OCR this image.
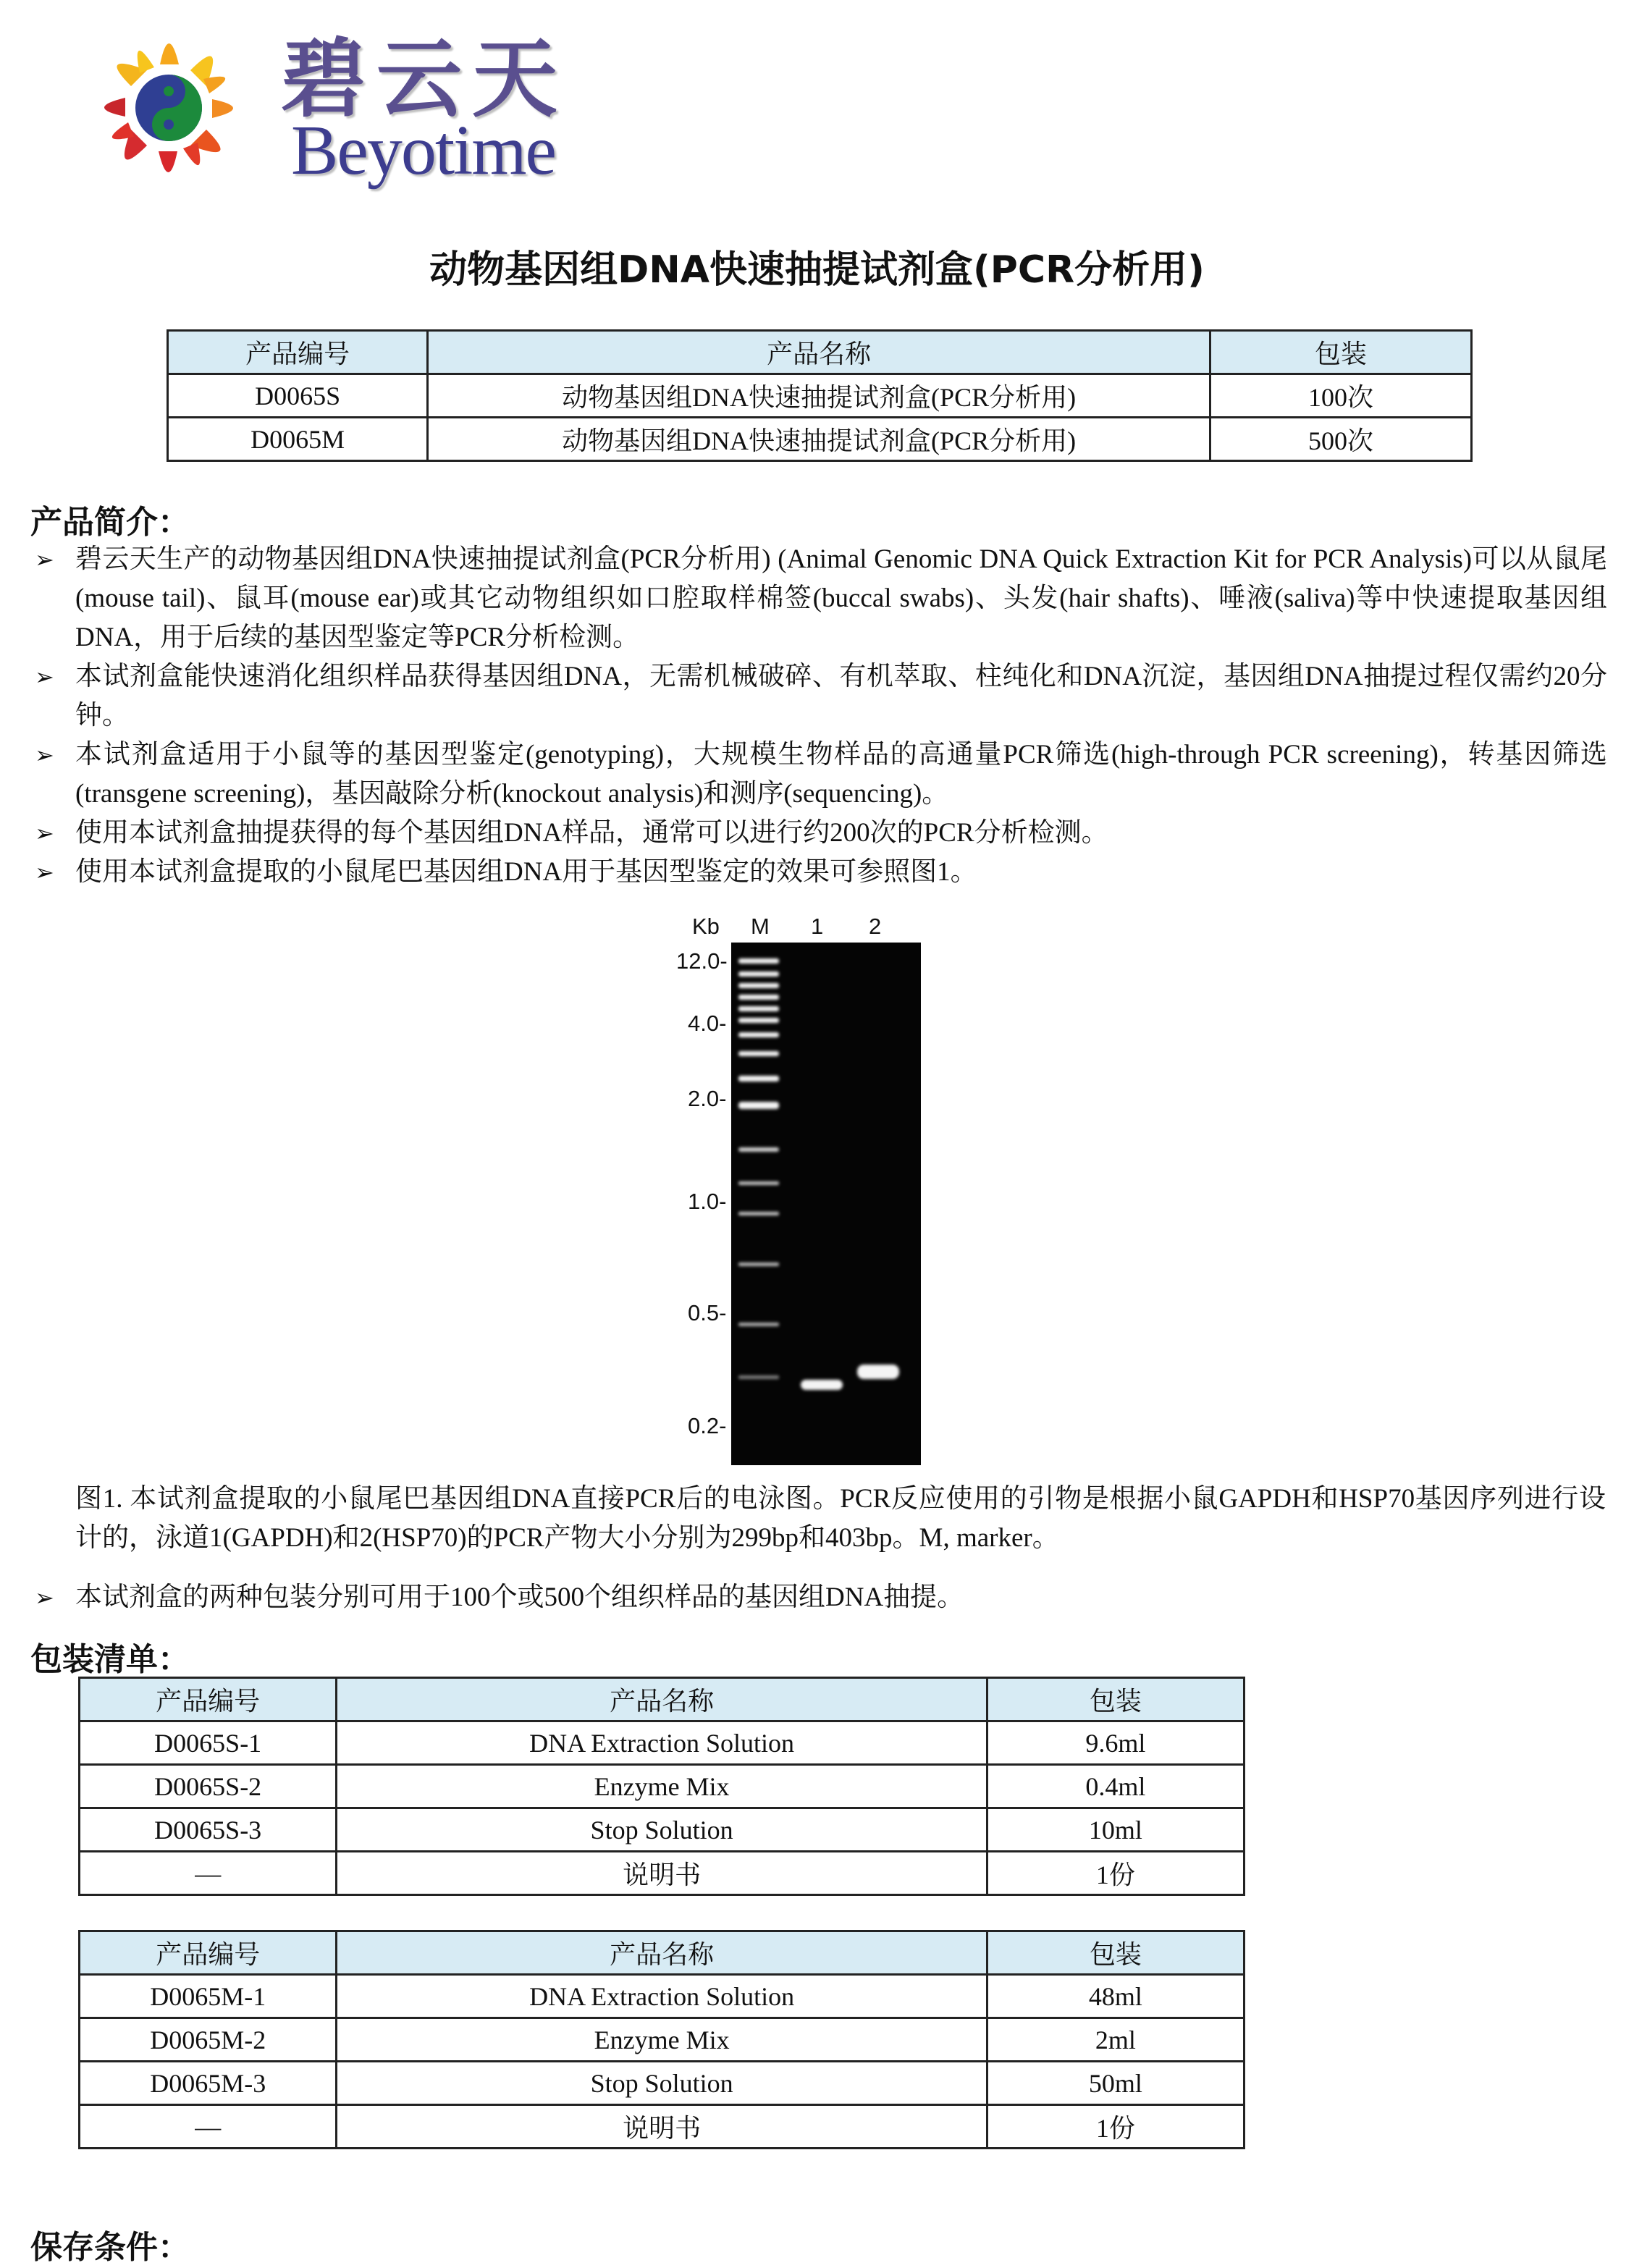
碧云天
Beyotime
动物基因组DNA快速抽提试剂盒(PCR分析用)
产品编号	产品名称	包装
D0065S	动物基因组DNA快速抽提试剂盒(PCR分析用)	100次
D0065M	动物基因组DNA快速抽提试剂盒(PCR分析用)	500次
产品简介：
➢ 碧云天生产的动物基因组DNA快速抽提试剂盒(PCR分析用) (Animal Genomic DNA Quick Extraction Kit for PCR Analysis)可以从鼠尾(mouse tail)、鼠耳(mouse ear)或其它动物组织如口腔取样棉签(buccal swabs)、头发(hair shafts)、唾液(saliva)等中快速提取基因组DNA，用于后续的基因型鉴定等PCR分析检测。
➢ 本试剂盒能快速消化组织样品获得基因组DNA，无需机械破碎、有机萃取、柱纯化和DNA沉淀，基因组DNA抽提过程仅需约20分钟。
➢ 本试剂盒适用于小鼠等的基因型鉴定(genotyping)，大规模生物样品的高通量PCR筛选(high-through PCR screening)，转基因筛选(transgene screening)，基因敲除分析(knockout analysis)和测序(sequencing)。
➢ 使用本试剂盒抽提获得的每个基因组DNA样品，通常可以进行约200次的PCR分析检测。
➢ 使用本试剂盒提取的小鼠尾巴基因组DNA用于基因型鉴定的效果可参照图1。
Kb M 1 2
12.0-
4.0-
2.0-
1.0-
0.5-
0.2-
图1. 本试剂盒提取的小鼠尾巴基因组DNA直接PCR后的电泳图。PCR反应使用的引物是根据小鼠GAPDH和HSP70基因序列进行设计的，泳道1(GAPDH)和2(HSP70)的PCR产物大小分别为299bp和403bp。M, marker。
➢ 本试剂盒的两种包装分别可用于100个或500个组织样品的基因组DNA抽提。
包装清单：
产品编号	产品名称	包装
D0065S-1	DNA Extraction Solution	9.6ml
D0065S-2	Enzyme Mix	0.4ml
D0065S-3	Stop Solution	10ml
—	说明书	1份
产品编号	产品名称	包装
D0065M-1	DNA Extraction Solution	48ml
D0065M-2	Enzyme Mix	2ml
D0065M-3	Stop Solution	50ml
—	说明书	1份
保存条件：
